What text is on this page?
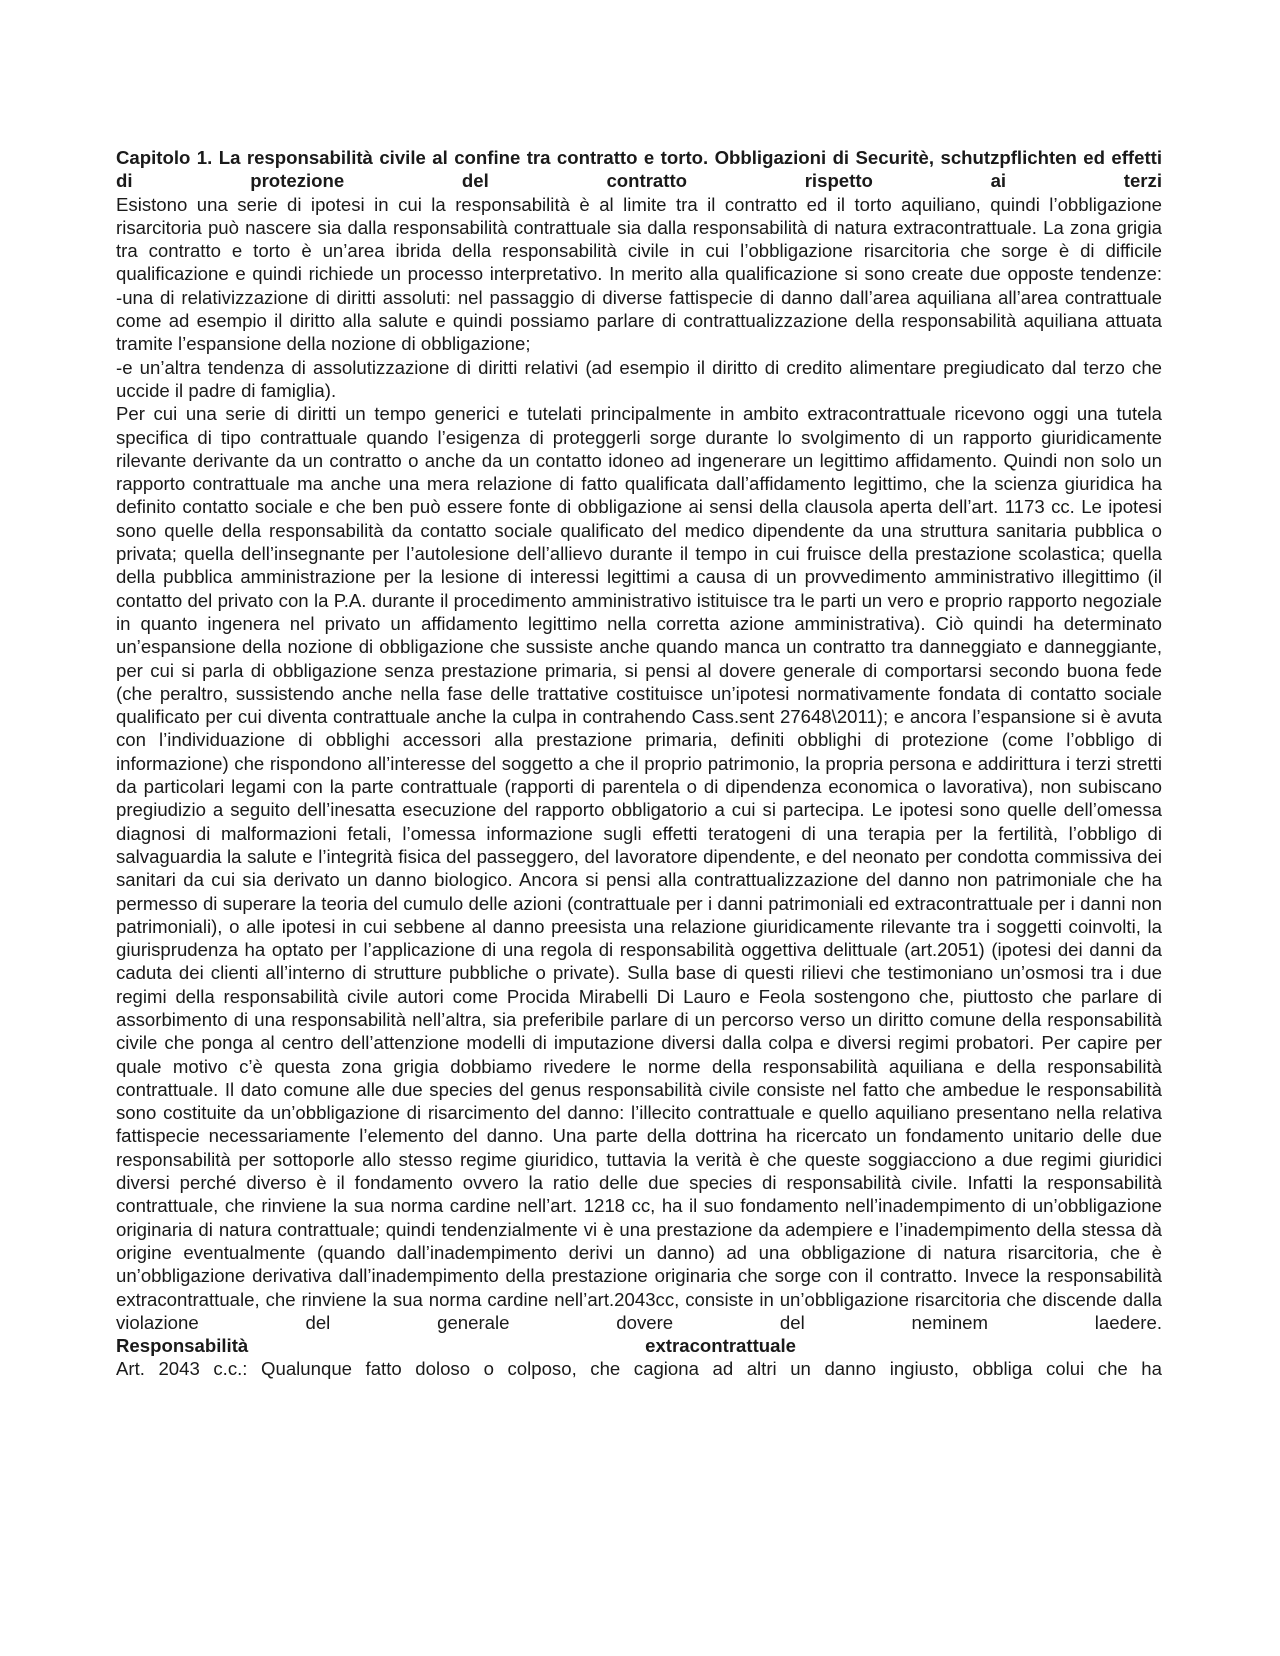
Capitolo 1. La responsabilità civile al confine tra contratto e torto. Obbligazioni di Securitè, schutzpflichten ed effetti di protezione del contratto rispetto ai terzi

Esistono una serie di ipotesi in cui la responsabilità è al limite tra il contratto ed il torto aquiliano, quindi l’obbligazione risarcitoria può nascere sia dalla responsabilità contrattuale sia dalla responsabilità di natura extracontrattuale. La zona grigia tra contratto e torto è un’area ibrida della responsabilità civile in cui l’obbligazione risarcitoria che sorge è di difficile qualificazione e quindi richiede un processo interpretativo. In merito alla qualificazione si sono create due opposte tendenze:

-una di relativizzazione di diritti assoluti: nel passaggio di diverse fattispecie di danno dall’area aquiliana all’area contrattuale come ad esempio il diritto alla salute e quindi possiamo parlare di contrattualizzazione della responsabilità aquiliana attuata tramite l’espansione della nozione di obbligazione;

-e un’altra tendenza di assolutizzazione di diritti relativi (ad esempio il diritto di credito alimentare pregiudicato dal terzo che uccide il padre di famiglia).

Per cui una serie di diritti un tempo generici e tutelati principalmente in ambito extracontrattuale ricevono oggi una tutela specifica di tipo contrattuale quando l’esigenza di proteggerli sorge durante lo svolgimento di un rapporto giuridicamente rilevante derivante da un contratto o anche da un contatto idoneo ad ingenerare un legittimo affidamento. Quindi non solo un rapporto contrattuale ma anche una mera relazione di fatto qualificata dall’affidamento legittimo, che la scienza giuridica ha definito contatto sociale e che ben può essere fonte di obbligazione ai sensi della clausola aperta dell’art. 1173 cc. Le ipotesi sono quelle della responsabilità da contatto sociale qualificato del medico dipendente da una struttura sanitaria pubblica o privata; quella dell’insegnante per l’autolesione dell’allievo durante il tempo in cui fruisce della prestazione scolastica; quella della pubblica amministrazione per la lesione di interessi legittimi a causa di un provvedimento amministrativo illegittimo (il contatto del privato con la P.A. durante il procedimento amministrativo istituisce tra le parti un vero e proprio rapporto negoziale in quanto ingenera nel privato un affidamento legittimo nella corretta azione amministrativa). Ciò quindi ha determinato un’espansione della nozione di obbligazione che sussiste anche quando manca un contratto tra danneggiato e danneggiante, per cui si parla di obbligazione senza prestazione primaria, si pensi al dovere generale di comportarsi secondo buona fede (che peraltro, sussistendo anche nella fase delle trattative costituisce un’ipotesi normativamente fondata di contatto sociale qualificato per cui diventa contrattuale anche la culpa in contrahendo Cass.sent 27648\2011); e ancora l’espansione si è avuta con l’individuazione di obblighi accessori alla prestazione primaria, definiti obblighi di protezione (come l’obbligo di informazione) che rispondono all’interesse del soggetto a che il proprio patrimonio, la propria persona e addirittura i terzi stretti da particolari legami con la parte contrattuale (rapporti di parentela o di dipendenza economica o lavorativa), non subiscano pregiudizio a seguito dell’inesatta esecuzione del rapporto obbligatorio a cui si partecipa. Le ipotesi sono quelle dell’omessa diagnosi di malformazioni fetali, l’omessa informazione sugli effetti teratogeni di una terapia per la fertilità, l’obbligo di salvaguardia la salute e l’integrità fisica del passeggero, del lavoratore dipendente, e del neonato per condotta commissiva dei sanitari da cui sia derivato un danno biologico. Ancora si pensi alla contrattualizzazione del danno non patrimoniale che ha permesso di superare la teoria del cumulo delle azioni (contrattuale per i danni patrimoniali ed extracontrattuale per i danni non patrimoniali), o alle ipotesi in cui sebbene al danno preesista una relazione giuridicamente rilevante tra i soggetti coinvolti, la giurisprudenza ha optato per l’applicazione di una regola di responsabilità oggettiva delittuale (art.2051) (ipotesi dei danni da caduta dei clienti all’interno di strutture pubbliche o private). Sulla base di questi rilievi che testimoniano un’osmosi tra i due regimi della responsabilità civile autori come Procida Mirabelli Di Lauro e Feola sostengono che, piuttosto che parlare di assorbimento di una responsabilità nell’altra, sia preferibile parlare di un percorso verso un diritto comune della responsabilità civile che ponga al centro dell’attenzione modelli di imputazione diversi dalla colpa e diversi regimi probatori. Per capire per quale motivo c’è questa zona grigia dobbiamo rivedere le norme della responsabilità aquiliana e della responsabilità contrattuale. Il dato comune alle due species del genus responsabilità civile consiste nel fatto che ambedue le responsabilità sono costituite da un’obbligazione di risarcimento del danno: l’illecito contrattuale e quello aquiliano presentano nella relativa fattispecie necessariamente l’elemento del danno. Una parte della dottrina ha ricercato un fondamento unitario delle due responsabilità per sottoporle allo stesso regime giuridico, tuttavia la verità è che queste soggiacciono a due regimi giuridici diversi perché diverso è il fondamento ovvero la ratio delle due species di responsabilità civile. Infatti la responsabilità contrattuale, che rinviene la sua norma cardine nell’art. 1218 cc, ha il suo fondamento nell’inadempimento di un’obbligazione originaria di natura contrattuale; quindi tendenzialmente vi è una prestazione da adempiere e l’inadempimento della stessa dà origine eventualmente (quando dall’inadempimento derivi un danno) ad una obbligazione di natura risarcitoria, che è un’obbligazione derivativa dall’inadempimento della prestazione originaria che sorge con il contratto. Invece la responsabilità extracontrattuale, che rinviene la sua norma cardine nell’art.2043cc, consiste in un’obbligazione risarcitoria che discende dalla violazione del generale dovere del neminem laedere.

Responsabilità	extracontrattuale

Art. 2043 c.c.: Qualunque fatto doloso o colposo, che cagiona ad altri un danno ingiusto, obbliga colui che ha
